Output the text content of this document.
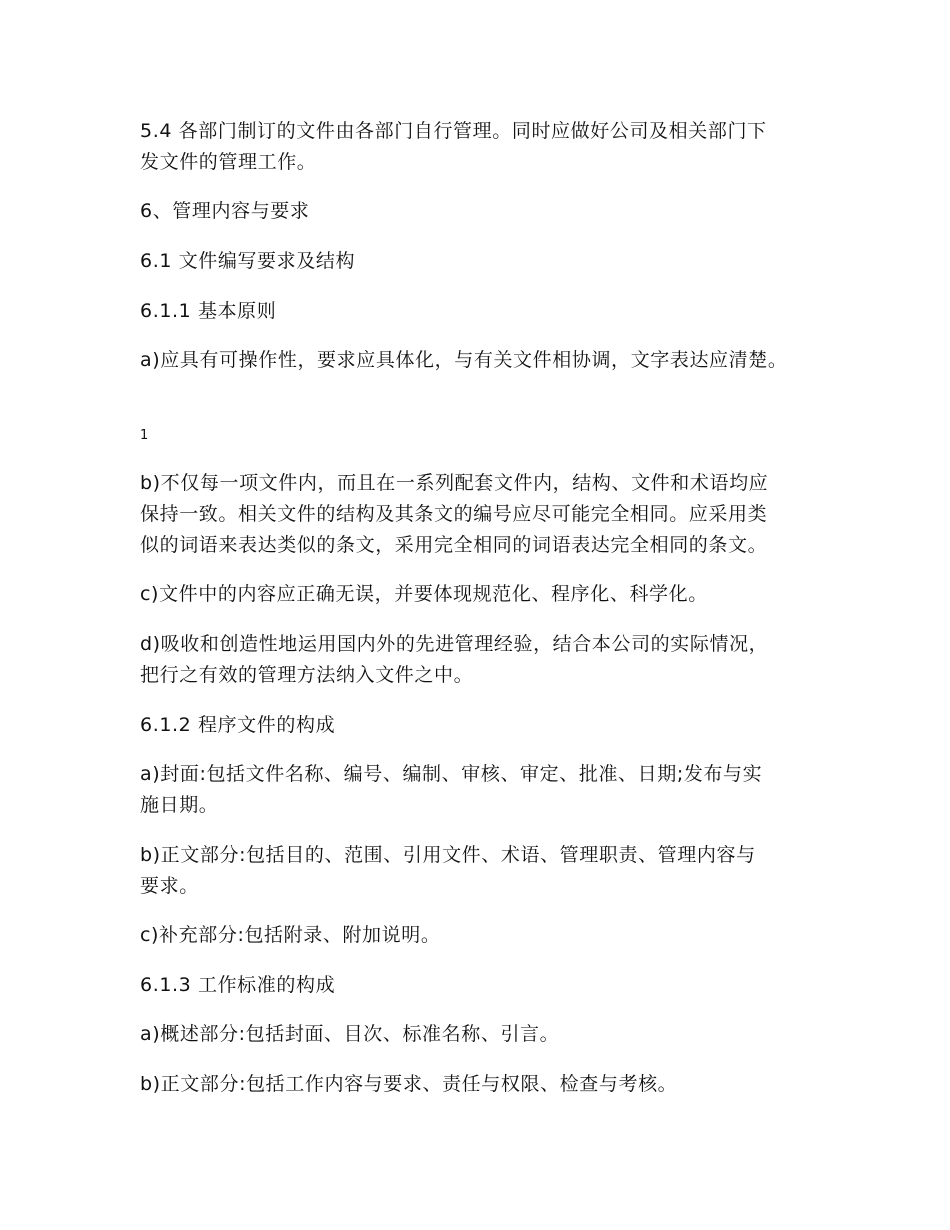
5.4 各部门制订的文件由各部门自行管理。同时应做好公司及相关部门下
发文件的管理工作。

6、管理内容与要求

6.1 文件编写要求及结构

6.1.1 基本原则

a)应具有可操作性，要求应具体化，与有关文件相协调，文字表达应清楚。

1

b)不仅每一项文件内，而且在一系列配套文件内，结构、文件和术语均应
保持一致。相关文件的结构及其条文的编号应尽可能完全相同。应采用类
似的词语来表达类似的条文，采用完全相同的词语表达完全相同的条文。

c)文件中的内容应正确无误，并要体现规范化、程序化、科学化。

d)吸收和创造性地运用国内外的先进管理经验，结合本公司的实际情况，
把行之有效的管理方法纳入文件之中。

6.1.2 程序文件的构成

a)封面:包括文件名称、编号、编制、审核、审定、批准、日期;发布与实
施日期。

b)正文部分:包括目的、范围、引用文件、术语、管理职责、管理内容与
要求。

c)补充部分:包括附录、附加说明。

6.1.3 工作标准的构成

a)概述部分:包括封面、目次、标准名称、引言。

b)正文部分:包括工作内容与要求、责任与权限、检查与考核。
